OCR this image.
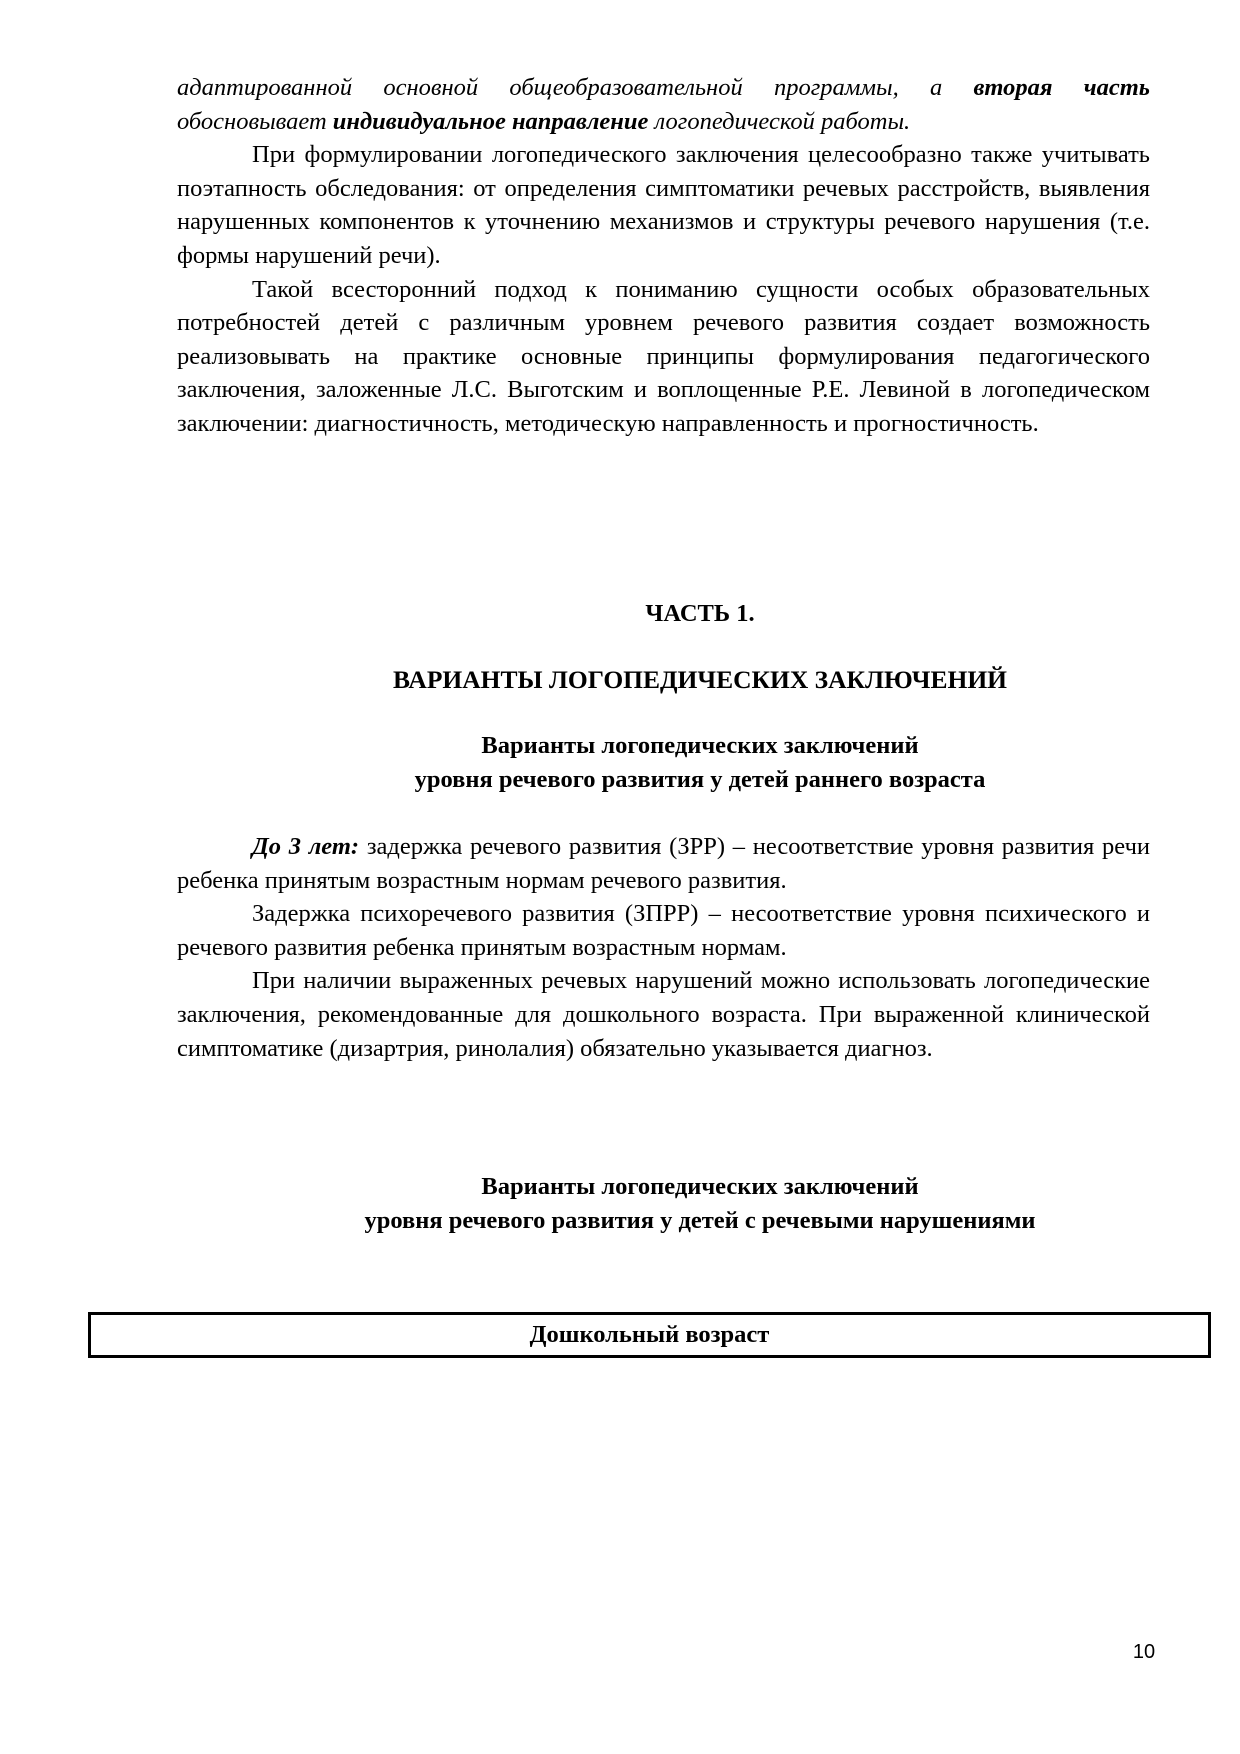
адаптированной основной общеобразовательной программы, а вторая часть обосновывает индивидуальное направление логопедической работы.

При формулировании логопедического заключения целесообразно также учитывать поэтапность обследования: от определения симптоматики речевых расстройств, выявления нарушенных компонентов к уточнению механизмов и структуры речевого нарушения (т.е. формы нарушений речи).

Такой всесторонний подход к пониманию сущности особых образовательных потребностей детей с различным уровнем речевого развития создает возможность реализовывать на практике основные принципы формулирования педагогического заключения, заложенные Л.С. Выготским и воплощенные Р.Е. Левиной в логопедическом заключении: диагностичность, методическую направленность и прогностичность.

ЧАСТЬ 1.
ВАРИАНТЫ ЛОГОПЕДИЧЕСКИХ ЗАКЛЮЧЕНИЙ
Варианты логопедических заключений
уровня речевого развития у детей раннего возраста

До 3 лет: задержка речевого развития (ЗРР) – несоответствие уровня развития речи ребенка принятым возрастным нормам речевого развития.

Задержка психоречевого развития (ЗПРР) – несоответствие уровня психического и речевого развития ребенка принятым возрастным нормам.

При наличии выраженных речевых нарушений можно использовать логопедические заключения, рекомендованные для дошкольного возраста. При выраженной клинической симптоматике (дизартрия, ринолалия) обязательно указывается диагноз.

Варианты логопедических заключений
уровня речевого развития у детей с речевыми нарушениями
Дошкольный возраст
10
